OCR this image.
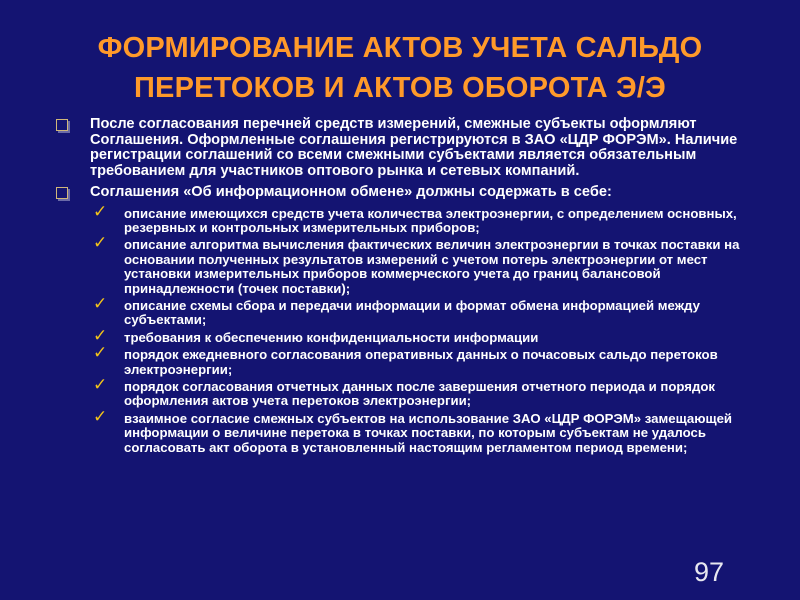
ФОРМИРОВАНИЕ АКТОВ УЧЕТА САЛЬДО
ПЕРЕТОКОВ И АКТОВ ОБОРОТА Э/Э
После согласования перечней средств измерений, смежные субъекты оформляют Соглашения. Оформленные соглашения регистрируются в ЗАО «ЦДР ФОРЭМ». Наличие регистрации соглашений со всеми смежными субъектами является обязательным требованием для участников оптового рынка и сетевых компаний.
Соглашения «Об информационном обмене» должны содержать в себе:
✓ описание имеющихся средств учета количества электроэнергии, с определением основных, резервных и контрольных измерительных приборов;
✓ описание алгоритма вычисления фактических величин электроэнергии в точках поставки на основании полученных результатов измерений с учетом потерь электроэнергии от мест установки измерительных приборов коммерческого учета до границ балансовой принадлежности (точек поставки);
✓ описание схемы сбора и передачи информации и формат обмена информацией между субъектами;
✓ требования к обеспечению конфиденциальности информации
✓ порядок ежедневного согласования оперативных данных о почасовых сальдо перетоков электроэнергии;
✓ порядок согласования отчетных данных после завершения отчетного периода и порядок оформления актов учета перетоков электроэнергии;
✓ взаимное согласие смежных субъектов на использование ЗАО «ЦДР ФОРЭМ» замещающей информации о величине перетока в точках поставки, по которым субъектам не удалось согласовать акт оборота в установленный настоящим регламентом период времени;
97
